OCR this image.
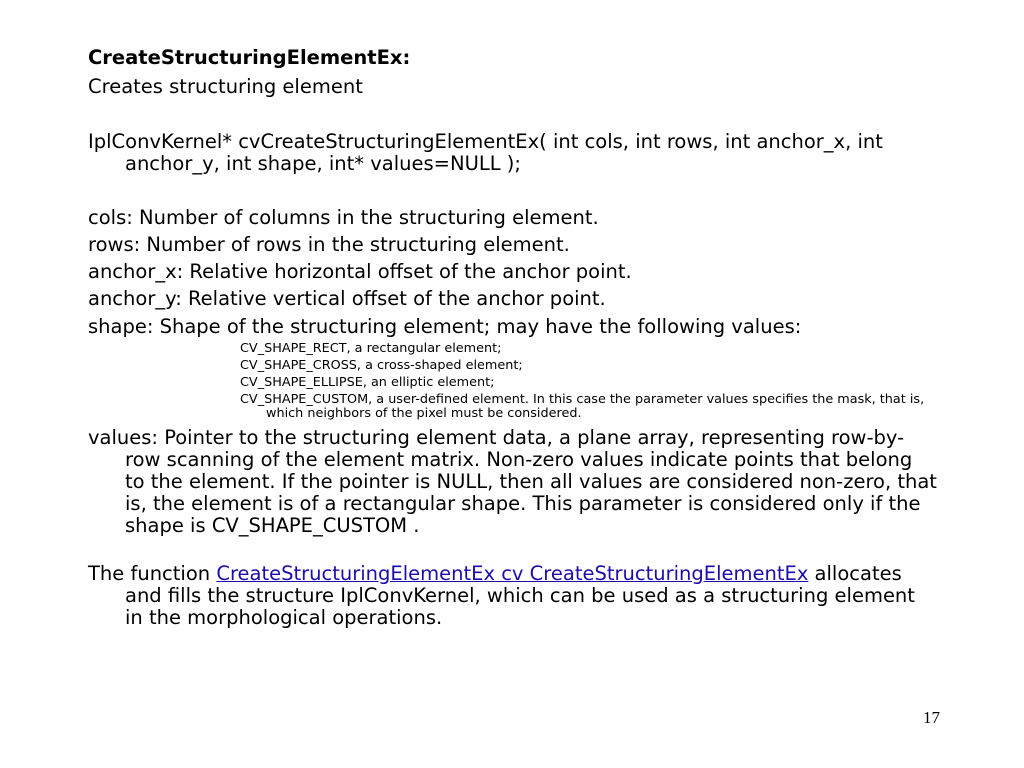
CreateStructuringElementEx:

Creates structuring element

IplConvKernel* cvCreateStructuringElementEx( int cols, int rows, int anchor_x, int anchor_y, int shape, int* values=NULL );

cols: Number of columns in the structuring element.

rows: Number of rows in the structuring element.

anchor_x: Relative horizontal offset of the anchor point.

anchor_y: Relative vertical offset of the anchor point.

shape: Shape of the structuring element; may have the following values:

CV_SHAPE_RECT, a rectangular element;

CV_SHAPE_CROSS, a cross-shaped element;

CV_SHAPE_ELLIPSE, an elliptic element;

CV_SHAPE_CUSTOM, a user-defined element. In this case the parameter values specifies the mask, that is, which neighbors of the pixel must be considered.

values: Pointer to the structuring element data, a plane array, representing row-by-row scanning of the element matrix. Non-zero values indicate points that belong to the element. If the pointer is NULL, then all values are considered non-zero, that is, the element is of a rectangular shape. This parameter is considered only if the shape is CV_SHAPE_CUSTOM .

The function CreateStructuringElementEx cv CreateStructuringElementEx allocates and fills the structure IplConvKernel, which can be used as a structuring element in the morphological operations.

17
